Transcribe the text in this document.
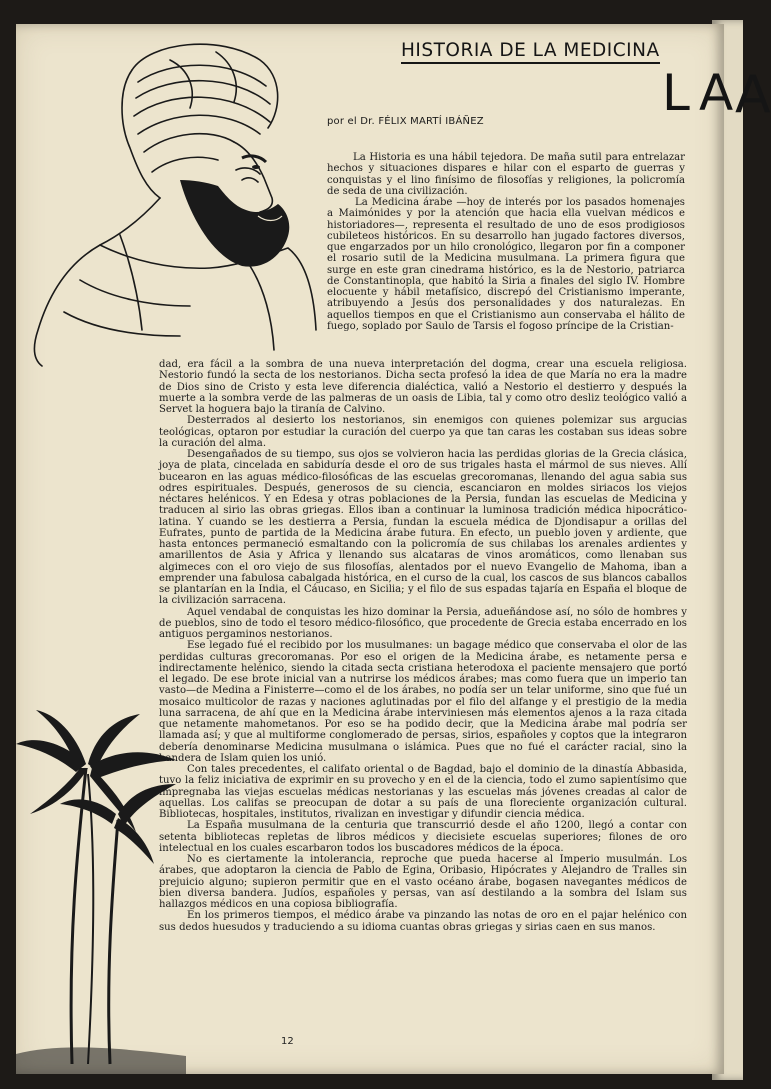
A
HISTORIA DE LA MEDICINA
LA
por el Dr. FÉLIX MARTÍ IBÁÑEZ

La Historia es una hábil tejedora. De maña sutil para entrelazar hechos y situaciones dispares e hilar con el esparto de guerras y conquistas y el lino finísimo de filosofías y religiones, la policromía de seda de una civilización.

La Medicina árabe —hoy de interés por los pasados homenajes a Maimónides y por la atención que hacia ella vuelvan médicos e historiadores—, representa el resultado de uno de esos prodigiosos cubileteos históricos. En su desarrollo han jugado factores diversos, que engarzados por un hilo cronológico, llegaron por fin a componer el rosario sutil de la Medicina musulmana. La primera figura que surge en este gran cinedrama histórico, es la de Nestorio, patriarca de Constantinopla, que habitó la Siria a finales del siglo IV. Hombre elocuente y hábil metafísico, discrepó del Cristianismo imperante, atribuyendo a Jesús dos personalidades y dos naturalezas. En aquellos tiempos en que el Cristianismo aun conservaba el hálito de fuego, soplado por Saulo de Tarsis el fogoso príncipe de la Cristian-

dad, era fácil a la sombra de una nueva interpretación del dogma, crear una escuela religiosa. Nestorio fundó la secta de los nestorianos. Dicha secta profesó la idea de que María no era la madre de Dios sino de Cristo y esta leve diferencia dialéctica, valió a Nestorio el destierro y después la muerte a la sombra verde de las palmeras de un oasis de Libia, tal y como otro desliz teológico valió a Servet la hoguera bajo la tiranía de Calvino.

Desterrados al desierto los nestorianos, sin enemigos con quienes polemizar sus argucias teológicas, optaron por estudiar la curación del cuerpo ya que tan caras les costaban sus ideas sobre la curación del alma.

Desengañados de su tiempo, sus ojos se volvieron hacia las perdidas glorias de la Grecia clásica, joya de plata, cincelada en sabiduría desde el oro de sus trigales hasta el mármol de sus nieves. Allí bucearon en las aguas médico-filosóficas de las escuelas grecoromanas, llenando del agua sabia sus odres espirituales. Después, generosos de su ciencia, escanciaron en moldes siriacos los viejos néctares helénicos. Y en Edesa y otras poblaciones de la Persia, fundan las escuelas de Medicina y traducen al sirio las obras griegas. Ellos iban a continuar la luminosa tradición médica hipocrático-latina. Y cuando se les destierra a Persia, fundan la escuela médica de Djondisapur a orillas del Eufrates, punto de partida de la Medicina árabe futura. En efecto, un pueblo joven y ardiente, que hasta entonces permaneció esmaltando con la policromía de sus chilabas los arenales ardientes y amarillentos de Asia y Africa y llenando sus alcataras de vinos aromáticos, como llenaban sus algimeces con el oro viejo de sus filosofías, alentados por el nuevo Evangelio de Mahoma, iban a emprender una fabulosa cabalgada histórica, en el curso de la cual, los cascos de sus blancos caballos se plantarían en la India, el Cáucaso, en Sicilia; y el filo de sus espadas tajaría en España el bloque de la civilización sarracena.

Aquel vendabal de conquistas les hizo dominar la Persia, adueñándose así, no sólo de hombres y de pueblos, sino de todo el tesoro médico-filosófico, que procedente de Grecia estaba encerrado en los antiguos pergaminos nestorianos.

Ese legado fué el recibido por los musulmanes: un bagage médico que conservaba el olor de las perdidas culturas grecoromanas. Por eso el origen de la Medicina árabe, es netamente persa e indirectamente helénico, siendo la citada secta cristiana heterodoxa el paciente mensajero que portó el legado. De ese brote inicial van a nutrirse los médicos árabes; mas como fuera que un imperio tan vasto—de Medina a Finisterre—como el de los árabes, no podía ser un telar uniforme, sino que fué un mosaico multicolor de razas y naciones aglutinadas por el filo del alfange y el prestigio de la media luna sarracena, de ahí que en la Medicina árabe interviniesen más elementos ajenos a la raza citada que netamente mahometanos. Por eso se ha podido decir, que la Medicina árabe mal podría ser llamada así; y que al multiforme conglomerado de persas, sirios, españoles y coptos que la integraron debería denominarse Medicina musulmana o islámica. Pues que no fué el carácter racial, sino la bandera de Islam quien los unió.

Con tales precedentes, el califato oriental o de Bagdad, bajo el dominio de la dinastía Abbasida, tuvo la feliz iniciativa de exprimir en su provecho y en el de la ciencia, todo el zumo sapientísimo que impregnaba las viejas escuelas médicas nestorianas y las escuelas más jóvenes creadas al calor de aquellas. Los califas se preocupan de dotar a su país de una floreciente organización cultural. Bibliotecas, hospitales, institutos, rivalizan en investigar y difundir ciencia médica.

La España musulmana de la centuria que transcurrió desde el año 1200, llegó a contar con setenta bibliotecas repletas de libros médicos y diecisiete escuelas superiores; filones de oro intelectual en los cuales escarbaron todos los buscadores médicos de la época.

No es ciertamente la intolerancia, reproche que pueda hacerse al Imperio musulmán. Los árabes, que adoptaron la ciencia de Pablo de Egina, Oribasio, Hipócrates y Alejandro de Tralles sin prejuicio alguno; supieron permitir que en el vasto océano árabe, bogasen navegantes médicos de bien diversa bandera. Judíos, españoles y persas, van así destilando a la sombra del Islam sus hallazgos médicos en una copiosa bibliografía.

En los primeros tiempos, el médico árabe va pinzando las notas de oro en el pajar helénico con sus dedos huesudos y traduciendo a su idioma cuantas obras griegas y sirias caen en sus manos.

12
